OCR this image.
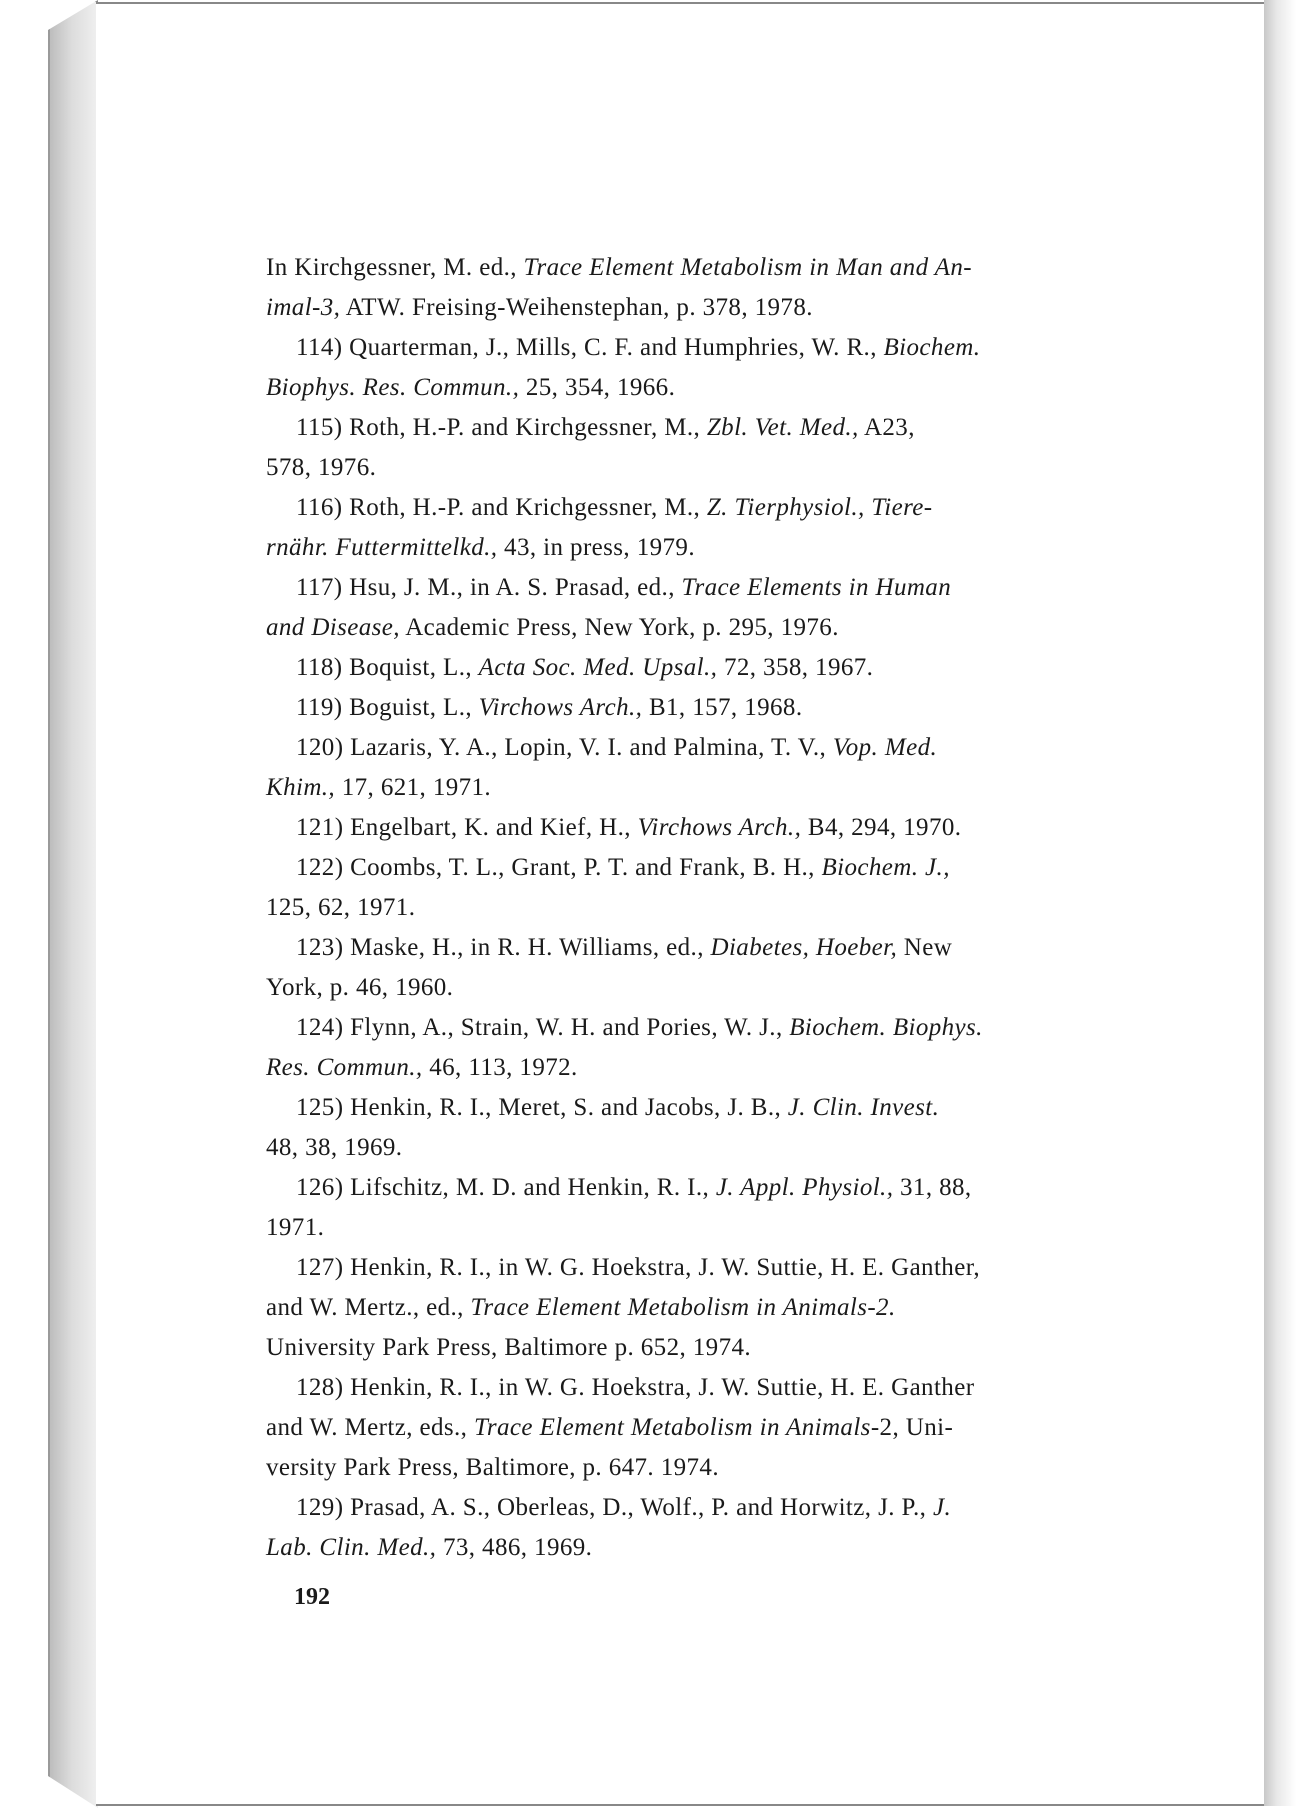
In Kirchgessner, M. ed., Trace Element Metabolism in Man and An-
imal-3, ATW. Freising-Weihenstephan, p. 378, 1978.
114) Quarterman, J., Mills, C. F. and Humphries, W. R., Biochem.
Biophys. Res. Commun., 25, 354, 1966.
115) Roth, H.-P. and Kirchgessner, M., Zbl. Vet. Med., A23,
578, 1976.
116) Roth, H.-P. and Krichgessner, M., Z. Tierphysiol., Tiere-
rnähr. Futtermittelkd., 43, in press, 1979.
117) Hsu, J. M., in A. S. Prasad, ed., Trace Elements in Human
and Disease, Academic Press, New York, p. 295, 1976.
118) Boquist, L., Acta Soc. Med. Upsal., 72, 358, 1967.
119) Boguist, L., Virchows Arch., B1, 157, 1968.
120) Lazaris, Y. A., Lopin, V. I. and Palmina, T. V., Vop. Med.
Khim., 17, 621, 1971.
121) Engelbart, K. and Kief, H., Virchows Arch., B4, 294, 1970.
122) Coombs, T. L., Grant, P. T. and Frank, B. H., Biochem. J.,
125, 62, 1971.
123) Maske, H., in R. H. Williams, ed., Diabetes, Hoeber, New
York, p. 46, 1960.
124) Flynn, A., Strain, W. H. and Pories, W. J., Biochem. Biophys.
Res. Commun., 46, 113, 1972.
125) Henkin, R. I., Meret, S. and Jacobs, J. B., J. Clin. Invest.
48, 38, 1969.
126) Lifschitz, M. D. and Henkin, R. I., J. Appl. Physiol., 31, 88,
1971.
127) Henkin, R. I., in W. G. Hoekstra, J. W. Suttie, H. E. Ganther,
and W. Mertz., ed., Trace Element Metabolism in Animals-2.
University Park Press, Baltimore p. 652, 1974.
128) Henkin, R. I., in W. G. Hoekstra, J. W. Suttie, H. E. Ganther
and W. Mertz, eds., Trace Element Metabolism in Animals-2, Uni-
versity Park Press, Baltimore, p. 647. 1974.
129) Prasad, A. S., Oberleas, D., Wolf., P. and Horwitz, J. P., J.
Lab. Clin. Med., 73, 486, 1969.
192
